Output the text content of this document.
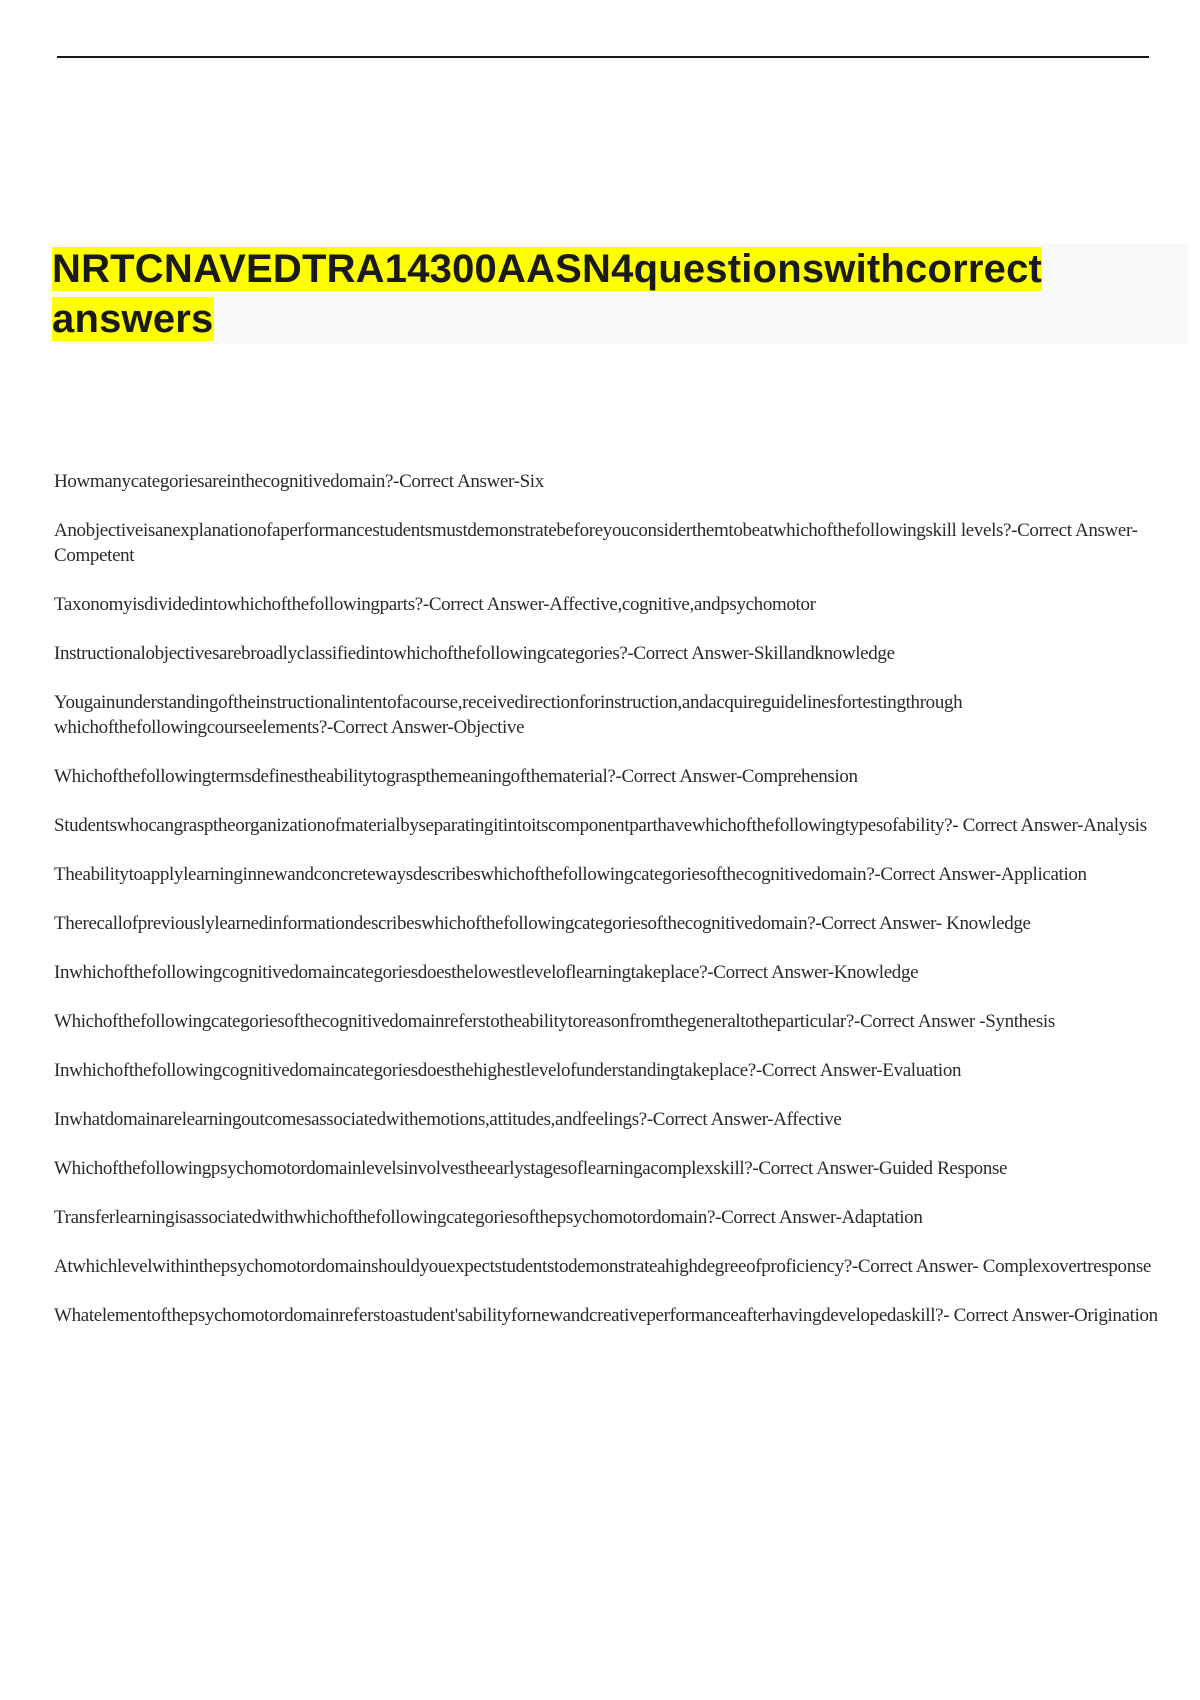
NRTCNAVEDTRA14300AASN4questionswithcorrect answers
Howmanycategoriesareinthecognitivedomain?-Correct Answer-Six
Anobjectiveisanexplanationofaperformancestudentsmustdemonstratebeforeyouconsiderthemtobeatwhichofthefollowingskill levels?-Correct Answer-Competent
Taxonomyisdividedintowhichofthefollowingparts?-Correct Answer-Affective,cognitive,andpsychomotor
Instructionalobjectivesarebroadlyclassifiedintowhichofthefollowingcategories?-Correct Answer-Skillandknowledge
Yougainunderstandingoftheinstructionalintentofacourse,receivedirectionforinstruction,andacquireguidelinesfortestingthrough whichofthefollowingcourseelements?-Correct Answer-Objective
Whichofthefollowingtermsdefinestheabilitytograspthemeaningofthematerial?-Correct Answer-Comprehension
Studentswhocangrasptheorganizationofmaterialbyseparatingitintoitscomponentparthavewhichofthefollowingtypesofability?- Correct Answer-Analysis
Theabilitytoapplylearninginnewandconcretewaysdescribeswhichofthefollowingcategoriesofthecognitivedomain?-Correct Answer-Application
Therecallofpreviouslylearnedinformationdescribeswhichofthefollowingcategoriesofthecognitivedomain?-Correct Answer- Knowledge
Inwhichofthefollowingcognitivedomaincategoriesdoesthelowestleveloflearningtakeplace?-Correct Answer-Knowledge
Whichofthefollowingcategoriesofthecognitivedomainreferstotheabilitytoreasonfromthegeneraltotheparticular?-Correct Answer -Synthesis
Inwhichofthefollowingcognitivedomaincategoriesdoesthehighestlevelofunderstandingtakeplace?-Correct Answer-Evaluation
Inwhatdomainarelearningoutcomesassociatedwithemotions,attitudes,andfeelings?-Correct Answer-Affective
Whichofthefollowingpsychomotordomainlevelsinvolvestheearlystagesoflearningacomplexskill?-Correct Answer-Guided Response
Transferlearningisassociatedwithwhichofthefollowingcategoriesofthepsychomotordomain?-Correct Answer-Adaptation
Atwhichlevelwithinthepsychomotordomainshouldyouexpectstudentstodemonstrateahighdegreeofproficiency?-Correct Answer- Complexovertresponse
Whatelementofthepsychomotordomainreferstoastudent'sabilityfornewandcreativeperformanceafterhavingdevelopedaskill?- Correct Answer-Origination
